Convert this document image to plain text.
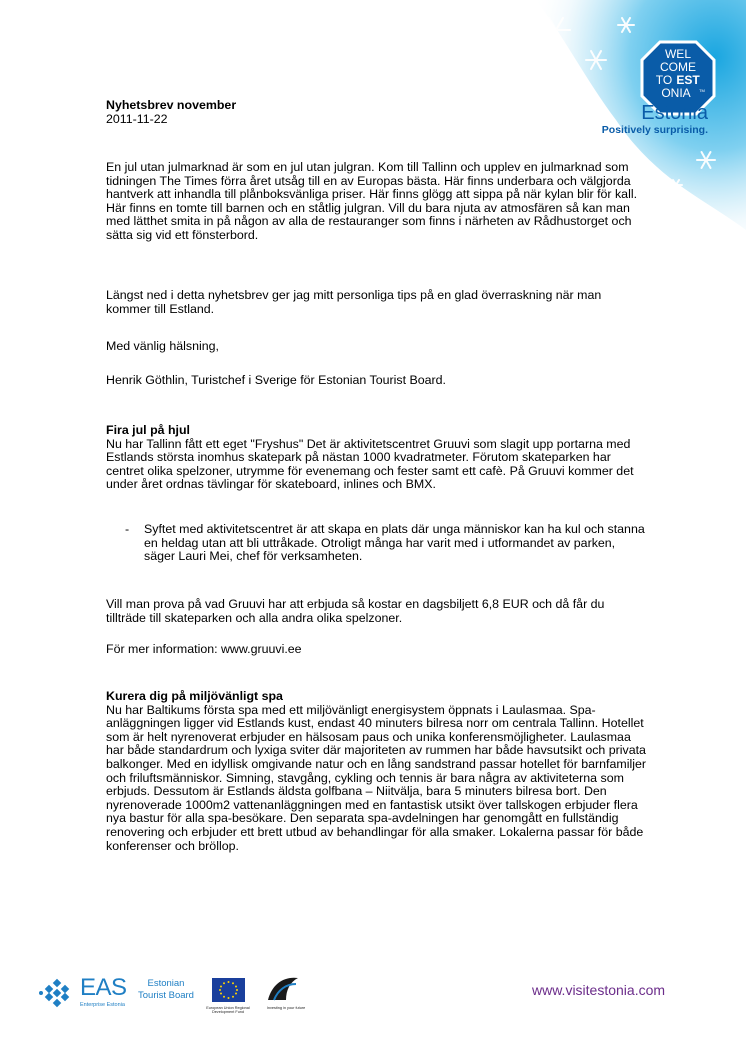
WEL
COME
TO EST
ONIA TM
Estonia
Positively surprising.

Nyhetsbrev november

2011-11-22

En jul utan julmarknad är som en jul utan julgran. Kom till Tallinn och upplev en julmarknad som tidningen The Times förra året utsåg till en av Europas bästa. Här finns underbara och välgjorda hantverk att inhandla till plånboksvänliga priser. Här finns glögg att sippa på när kylan blir för kall. Här finns en tomte till barnen och en ståtlig julgran. Vill du bara njuta av atmosfären så kan man med lätthet smita in på någon av alla de restauranger som finns i närheten av Rådhustorget och sätta sig vid ett fönsterbord.

Längst ned i detta nyhetsbrev ger jag mitt personliga tips på en glad överraskning när man kommer till Estland.

Med vänlig hälsning,

Henrik Göthlin, Turistchef i Sverige för Estonian Tourist Board.

Fira jul på hjul

Nu har Tallinn fått ett eget "Fryshus" Det är aktivitetscentret Gruuvi som slagit upp portarna med Estlands största inomhus skatepark på nästan 1000 kvadratmeter. Förutom skateparken har centret olika spelzoner, utrymme för evenemang och fester samt ett cafè. På Gruuvi kommer det under året ordnas tävlingar för skateboard, inlines och BMX.

- Syftet med aktivitetscentret är att skapa en plats där unga människor kan ha kul och stanna en heldag utan att bli uttråkade. Otroligt många har varit med i utformandet av parken, säger Lauri Mei, chef för verksamheten.

Vill man prova på vad Gruuvi har att erbjuda så kostar en dagsbiljett 6,8 EUR och då får du tillträde till skateparken och alla andra olika spelzoner.

För mer information: www.gruuvi.ee

Kurera dig på miljövänligt spa

Nu har Baltikums första spa med ett miljövänligt energisystem öppnats i Laulasmaa. Spa-anläggningen ligger vid Estlands kust, endast 40 minuters bilresa norr om centrala Tallinn. Hotellet som är helt nyrenoverat erbjuder en hälsosam paus och unika konferensmöjligheter. Laulasmaa har både standardrum och lyxiga sviter där majoriteten av rummen har både havsutsikt och privata balkonger. Med en idyllisk omgivande natur och en lång sandstrand passar hotellet för barnfamiljer och friluftsmänniskor. Simning, stavgång, cykling och tennis är bara några av aktiviteterna som erbjuds. Dessutom är Estlands äldsta golfbana – Niitvälja, bara 5 minuters bilresa bort. Den nyrenoverade 1000m2 vattenanläggningen med en fantastisk utsikt över tallskogen erbjuder flera nya bastur för alla spa-besökare. Den separata spa-avdelningen har genomgått en fullständig renovering och erbjuder ett brett utbud av behandlingar för alla smaker. Lokalerna passar för både konferenser och bröllop.

EAS
Enterprise Estonia
Estonian
Tourist Board
European Union Regional Development Fund
Investing in your future
www.visitestonia.com
